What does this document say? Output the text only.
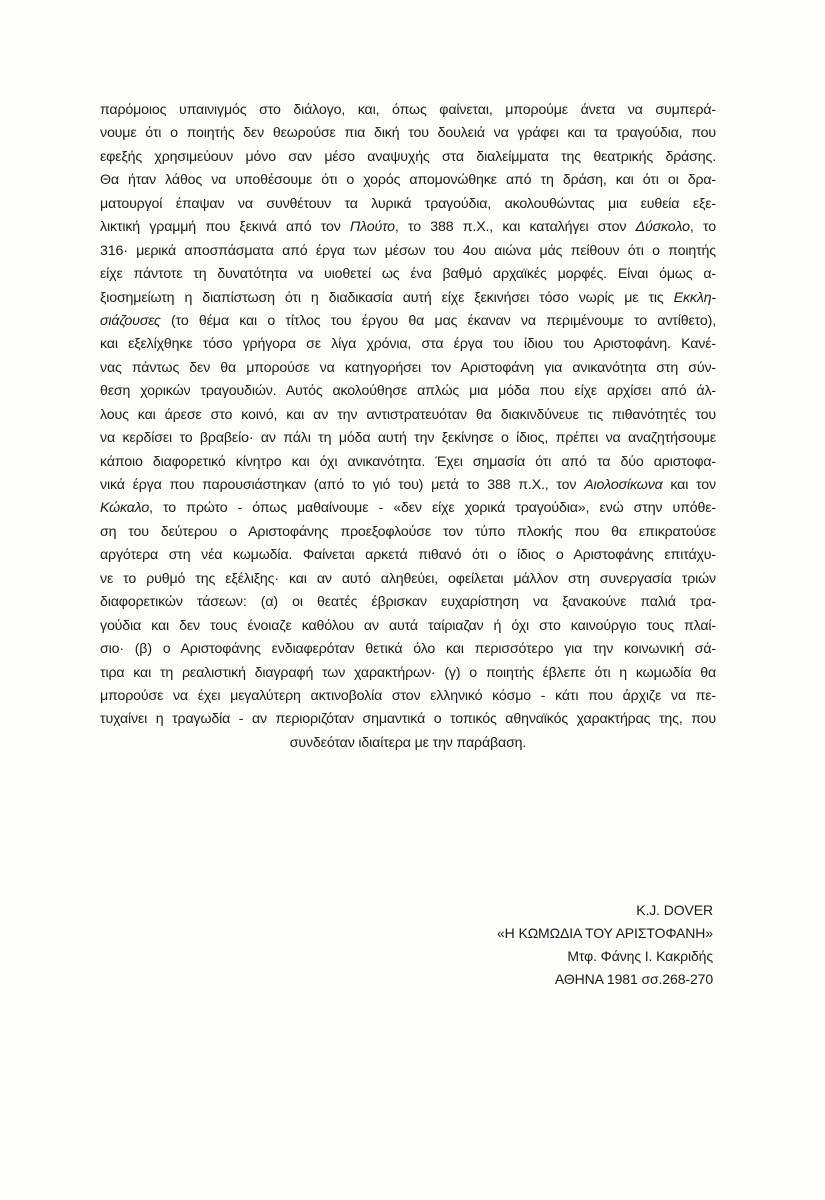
παρόμοιος υπαινιγμός στο διάλογο, και, όπως φαίνεται, μπορούμε άνετα να συμπερά-
νουμε ότι ο ποιητής δεν θεωρούσε πια δική του δουλειά να γράφει και τα τραγούδια, που
εφεξής χρησιμεύουν μόνο σαν μέσο αναψυχής στα διαλείμματα της θεατρικής δράσης.
Θα ήταν λάθος να υποθέσουμε ότι ο χορός απομονώθηκε από τη δράση, και ότι οι δρα-
ματουργοί έπαψαν να συνθέτουν τα λυρικά τραγούδια, ακολουθώντας μια ευθεία εξε-
λικτική γραμμή που ξεκινά από τον Πλούτο, το 388 π.Χ., και καταλήγει στον Δύσκολο, το
316· μερικά αποσπάσματα από έργα των μέσων του 4ου αιώνα μάς πείθουν ότι ο ποιητής
είχε πάντοτε τη δυνατότητα να υιοθετεί ως ένα βαθμό αρχαϊκές μορφές. Είναι όμως α-
ξιοσημείωτη η διαπίστωση ότι η διαδικασία αυτή είχε ξεκινήσει τόσο νωρίς με τις Εκκλη-
σιάζουσες (το θέμα και ο τίτλος του έργου θα μας έκαναν να περιμένουμε το αντίθετο),
και εξελίχθηκε τόσο γρήγορα σε λίγα χρόνια, στα έργα του ίδιου του Αριστοφάνη. Κανέ-
νας πάντως δεν θα μπορούσε να κατηγορήσει τον Αριστοφάνη για ανικανότητα στη σύν-
θεση χορικών τραγουδιών. Αυτός ακολούθησε απλώς μια μόδα που είχε αρχίσει από άλ-
λους και άρεσε στο κοινό, και αν την αντιστρατευόταν θα διακινδύνευε τις πιθανότητές του
να κερδίσει το βραβείο· αν πάλι τη μόδα αυτή την ξεκίνησε ο ίδιος, πρέπει να αναζητήσουμε
κάποιο διαφορετικό κίνητρο και όχι ανικανότητα. Έχει σημασία ότι από τα δύο αριστοφα-
νικά έργα που παρουσιάστηκαν (από το γιό του) μετά το 388 π.Χ., τον Αιολοσίκωνα και τον
Κώκαλο, το πρώτο - όπως μαθαίνουμε - «δεν είχε χορικά τραγούδια», ενώ στην υπόθε-
ση του δεύτερου ο Αριστοφάνης προεξοφλούσε τον τύπο πλοκής που θα επικρατούσε
αργότερα στη νέα κωμωδία. Φαίνεται αρκετά πιθανό ότι ο ίδιος ο Αριστοφάνης επιτάχυ-
νε το ρυθμό της εξέλιξης· και αν αυτό αληθεύει, οφείλεται μάλλον στη συνεργασία τριών
διαφορετικών τάσεων: (α) οι θεατές έβρισκαν ευχαρίστηση να ξανακούνε παλιά τρα-
γούδια και δεν τους ένοιαζε καθόλου αν αυτά ταίριαζαν ή όχι στο καινούργιο τους πλαί-
σιο· (β) ο Αριστοφάνης ενδιαφερόταν θετικά όλο και περισσότερο για την κοινωνική σά-
τιρα και τη ρεαλιστική διαγραφή των χαρακτήρων· (γ) ο ποιητής έβλεπε ότι η κωμωδία θα
μπορούσε να έχει μεγαλύτερη ακτινοβολία στον ελληνικό κόσμο - κάτι που άρχιζε να πε-
τυχαίνει η τραγωδία - αν περιοριζόταν σημαντικά ο τοπικός αθηναϊκός χαρακτήρας της, που
συνδεόταν ιδιαίτερα με την παράβαση.
K.J. DOVER
«Η ΚΩΜΩΔΙΑ ΤΟΥ ΑΡΙΣΤΟΦΑΝΗ»
Μτφ. Φάνης Ι. Κακριδής
ΑΘΗΝΑ 1981 σσ.268-270
